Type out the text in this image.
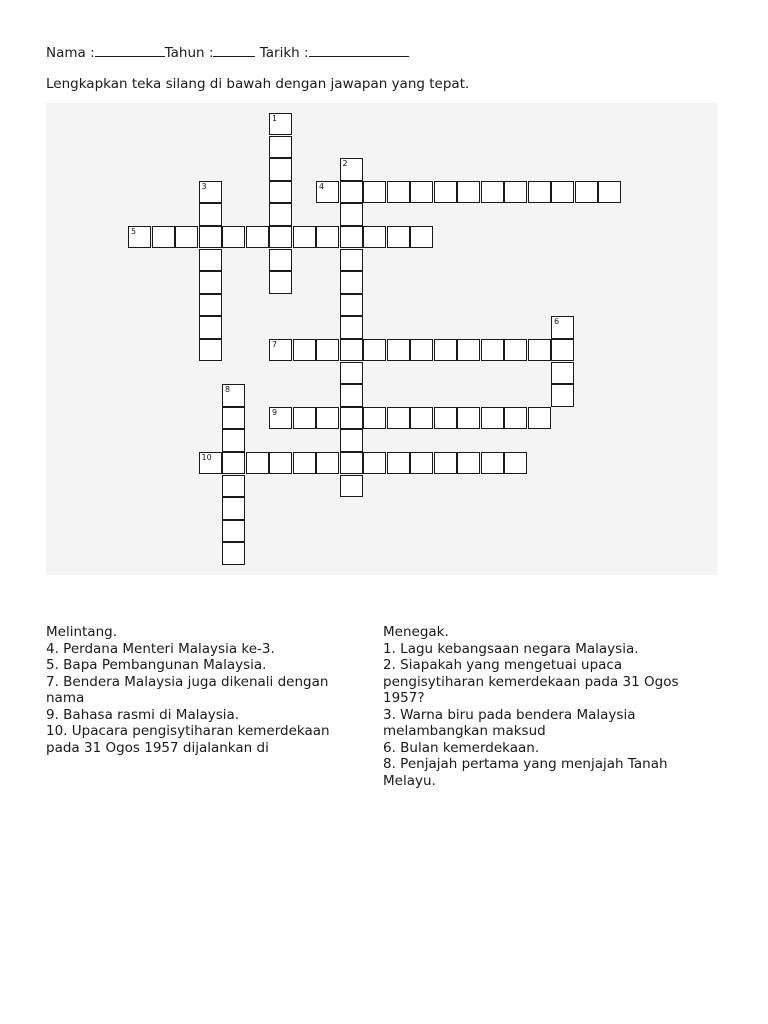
Nama :	Tahun :	Tarikh :
Lengkapkan teka silang di bawah dengan jawapan yang tepat.
1
2
3	4
5
6
7
8
9
10
Melintang.
4. Perdana Menteri Malaysia ke-3.
5. Bapa Pembangunan Malaysia.
7. Bendera Malaysia juga dikenali dengan nama
9. Bahasa rasmi di Malaysia.
10. Upacara pengisytiharan kemerdekaan pada 31 Ogos 1957 dijalankan di
Menegak.
1. Lagu kebangsaan negara Malaysia.
2. Siapakah yang mengetuai upaca pengisytiharan kemerdekaan pada 31 Ogos 1957?
3. Warna biru pada bendera Malaysia melambangkan maksud
6. Bulan kemerdekaan.
8. Penjajah pertama yang menjajah Tanah Melayu.
